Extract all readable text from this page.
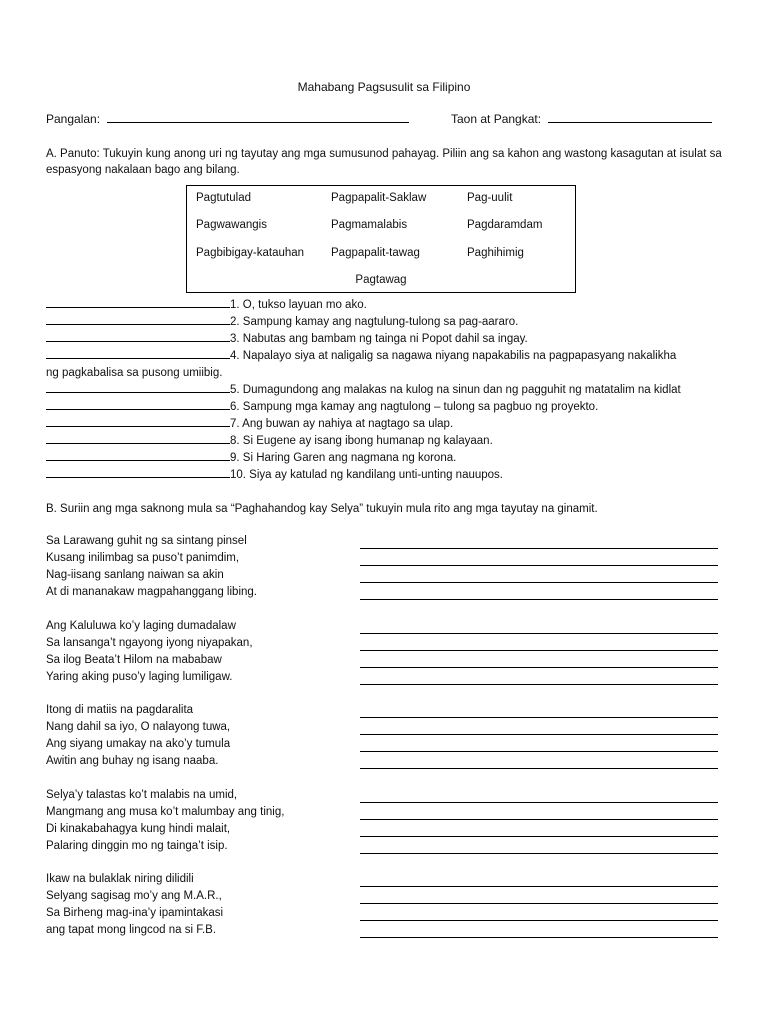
Mahabang Pagsusulit sa Filipino
Pangalan:	Taon at Pangkat:
A. Panuto: Tukuyin kung anong uri ng tayutay ang mga sumusunod pahayag. Piliin ang sa kahon ang wastong kasagutan at isulat sa espasyong nakalaan bago ang bilang.
Pagtutulad	Pagpapalit-Saklaw	Pag-uulit
Pagwawangis	Pagmamalabis	Pagdaramdam
Pagbibigay-katauhan Pagpapalit-tawag	Paghihimig
Pagtawag
1. O, tukso layuan mo ako.
2. Sampung kamay ang nagtulung-tulong sa pag-aararo.
3. Nabutas ang bambam ng tainga ni Popot dahil sa ingay.
4. Napalayo siya at naligalig sa nagawa niyang napakabilis na pagpapasyang nakalikha
ng pagkabalisa sa pusong umiibig.
5. Dumagundong ang malakas na kulog na sinun dan ng pagguhit ng matatalim na kidlat
6. Sampung mga kamay ang nagtulong – tulong sa pagbuo ng proyekto.
7. Ang buwan ay nahiya at nagtago sa ulap.
8. Si Eugene ay isang ibong humanap ng kalayaan.
9. Si Haring Garen ang nagmana ng korona.
10. Siya ay katulad ng kandilang unti-unting nauupos.
B. Suriin ang mga saknong mula sa “Paghahandog kay Selya” tukuyin mula rito ang mga tayutay na ginamit.
Sa Larawang guhit ng sa sintang pinsel
Kusang inilimbag sa puso’t panimdim,
Nag-iisang sanlang naiwan sa akin
At di mananakaw magpahanggang libing.
Ang Kaluluwa ko’y laging dumadalaw
Sa lansanga’t ngayong iyong niyapakan,
Sa ilog Beata’t Hilom na mababaw
Yaring aking puso’y laging lumiligaw.
Itong di matiis na pagdaralita
Nang dahil sa iyo, O nalayong tuwa,
Ang siyang umakay na ako’y tumula
Awitin ang buhay ng isang naaba.
Selya’y talastas ko’t malabis na umid,
Mangmang ang musa ko’t malumbay ang tinig,
Di kinakabahagya kung hindi malait,
Palaring dinggin mo ng tainga’t isip.
Ikaw na bulaklak niring dilidili
Selyang sagisag mo’y ang M.A.R.,
Sa Birheng mag-ina’y ipamintakasi
ang tapat mong lingcod na si F.B.
